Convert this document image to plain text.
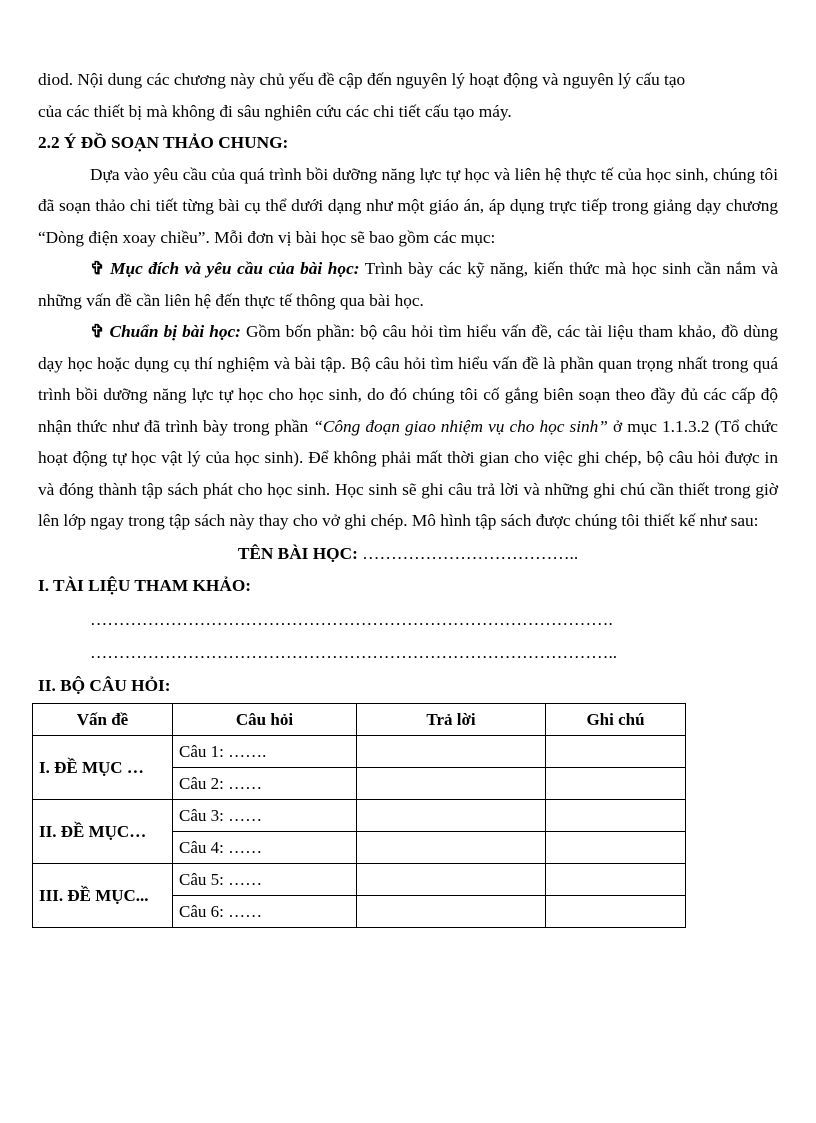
diod. Nội dung các chương này chủ yếu đề cập đến nguyên lý hoạt động và nguyên lý cấu tạo

của các thiết bị mà không đi sâu nghiên cứu các chi tiết cấu tạo máy.

2.2 Ý ĐỒ SOẠN THẢO CHUNG:

Dựa vào yêu cầu của quá trình bồi dưỡng năng lực tự học và liên hệ thực tế của học sinh, chúng tôi đã soạn thảo chi tiết từng bài cụ thể dưới dạng như một giáo án, áp dụng trực tiếp trong giảng dạy chương “Dòng điện xoay chiều”. Mỗi đơn vị bài học sẽ bao gồm các mục:

✞ Mục đích và yêu cầu của bài học: Trình bày các kỹ năng, kiến thức mà học sinh cần nắm và những vấn đề cần liên hệ đến thực tế thông qua bài học.

✞ Chuẩn bị bài học: Gồm bốn phần: bộ câu hỏi tìm hiểu vấn đề, các tài liệu tham khảo, đồ dùng dạy học hoặc dụng cụ thí nghiệm và bài tập. Bộ câu hỏi tìm hiểu vấn đề là phần quan trọng nhất trong quá trình bồi dưỡng năng lực tự học cho học sinh, do đó chúng tôi cố gắng biên soạn theo đầy đủ các cấp độ nhận thức như đã trình bày trong phần “Công đoạn giao nhiệm vụ cho học sinh” ở mục 1.1.3.2 (Tổ chức hoạt động tự học vật lý của học sinh). Để không phải mất thời gian cho việc ghi chép, bộ câu hỏi được in và đóng thành tập sách phát cho học sinh. Học sinh sẽ ghi câu trả lời và những ghi chú cần thiết trong giờ lên lớp ngay trong tập sách này thay cho vở ghi chép. Mô hình tập sách được chúng tôi thiết kế như sau:

TÊN BÀI HỌC: ………………………………..
I. TÀI LIỆU THAM KHẢO:
……………………………………………………………………………….
………………………………………………………………………………..
II. BỘ CÂU HỎI:
Vấn đề	Câu hỏi	Trả lời	Ghi chú
I. ĐỀ MỤC …	Câu 1: …….		
	Câu 2: ……		
II. ĐỀ MỤC…	Câu 3: ……		
	Câu 4: ……		
III. ĐỀ MỤC...	Câu 5: ……		
	Câu 6: ……		
